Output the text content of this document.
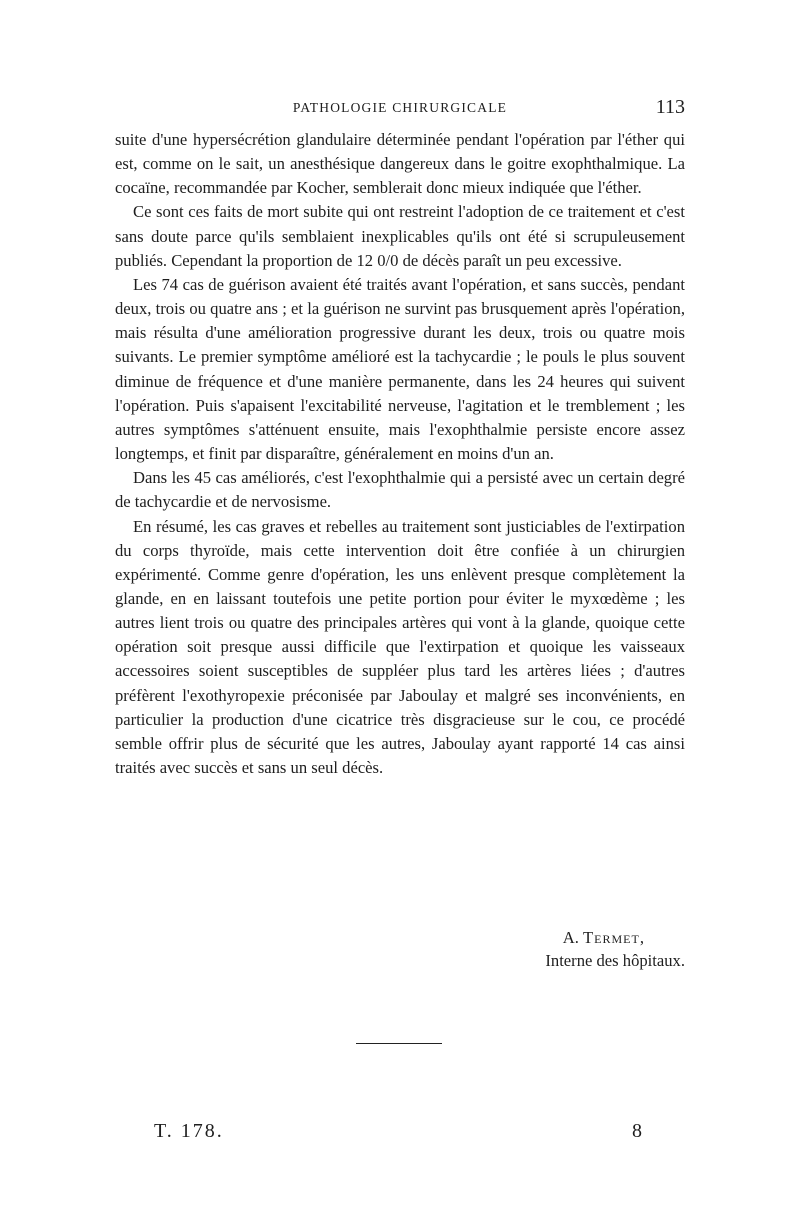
PATHOLOGIE CHIRURGICALE	113

suite d'une hypersécrétion glandulaire déterminée pendant l'opération par l'éther qui est, comme on le sait, un anesthésique dangereux dans le goitre exophthalmique. La cocaïne, recommandée par Kocher, semblerait donc mieux indiquée que l'éther.

Ce sont ces faits de mort subite qui ont restreint l'adoption de ce traitement et c'est sans doute parce qu'ils semblaient inexplicables qu'ils ont été si scrupuleusement publiés. Cependant la proportion de 12 0/0 de décès paraît un peu excessive.

Les 74 cas de guérison avaient été traités avant l'opération, et sans succès, pendant deux, trois ou quatre ans ; et la guérison ne survint pas brusquement après l'opération, mais résulta d'une amélioration progressive durant les deux, trois ou quatre mois suivants. Le premier symptôme amélioré est la tachycardie ; le pouls le plus souvent diminue de fréquence et d'une manière permanente, dans les 24 heures qui suivent l'opération. Puis s'apaisent l'excitabilité nerveuse, l'agitation et le tremblement ; les autres symptômes s'atténuent ensuite, mais l'exophthalmie persiste encore assez longtemps, et finit par disparaître, généralement en moins d'un an.

Dans les 45 cas améliorés, c'est l'exophthalmie qui a persisté avec un certain degré de tachycardie et de nervosisme.

En résumé, les cas graves et rebelles au traitement sont justiciables de l'extirpation du corps thyroïde, mais cette intervention doit être confiée à un chirurgien expérimenté. Comme genre d'opération, les uns enlèvent presque complètement la glande, en en laissant toutefois une petite portion pour éviter le myxœdème ; les autres lient trois ou quatre des principales artères qui vont à la glande, quoique cette opération soit presque aussi difficile que l'extirpation et quoique les vaisseaux accessoires soient susceptibles de suppléer plus tard les artères liées ; d'autres préfèrent l'exothyropexie préconisée par Jaboulay et malgré ses inconvénients, en particulier la production d'une cicatrice très disgracieuse sur le cou, ce procédé semble offrir plus de sécurité que les autres, Jaboulay ayant rapporté 14 cas ainsi traités avec succès et sans un seul décès.

A. Termet,
Interne des hôpitaux.
T. 178.	8
